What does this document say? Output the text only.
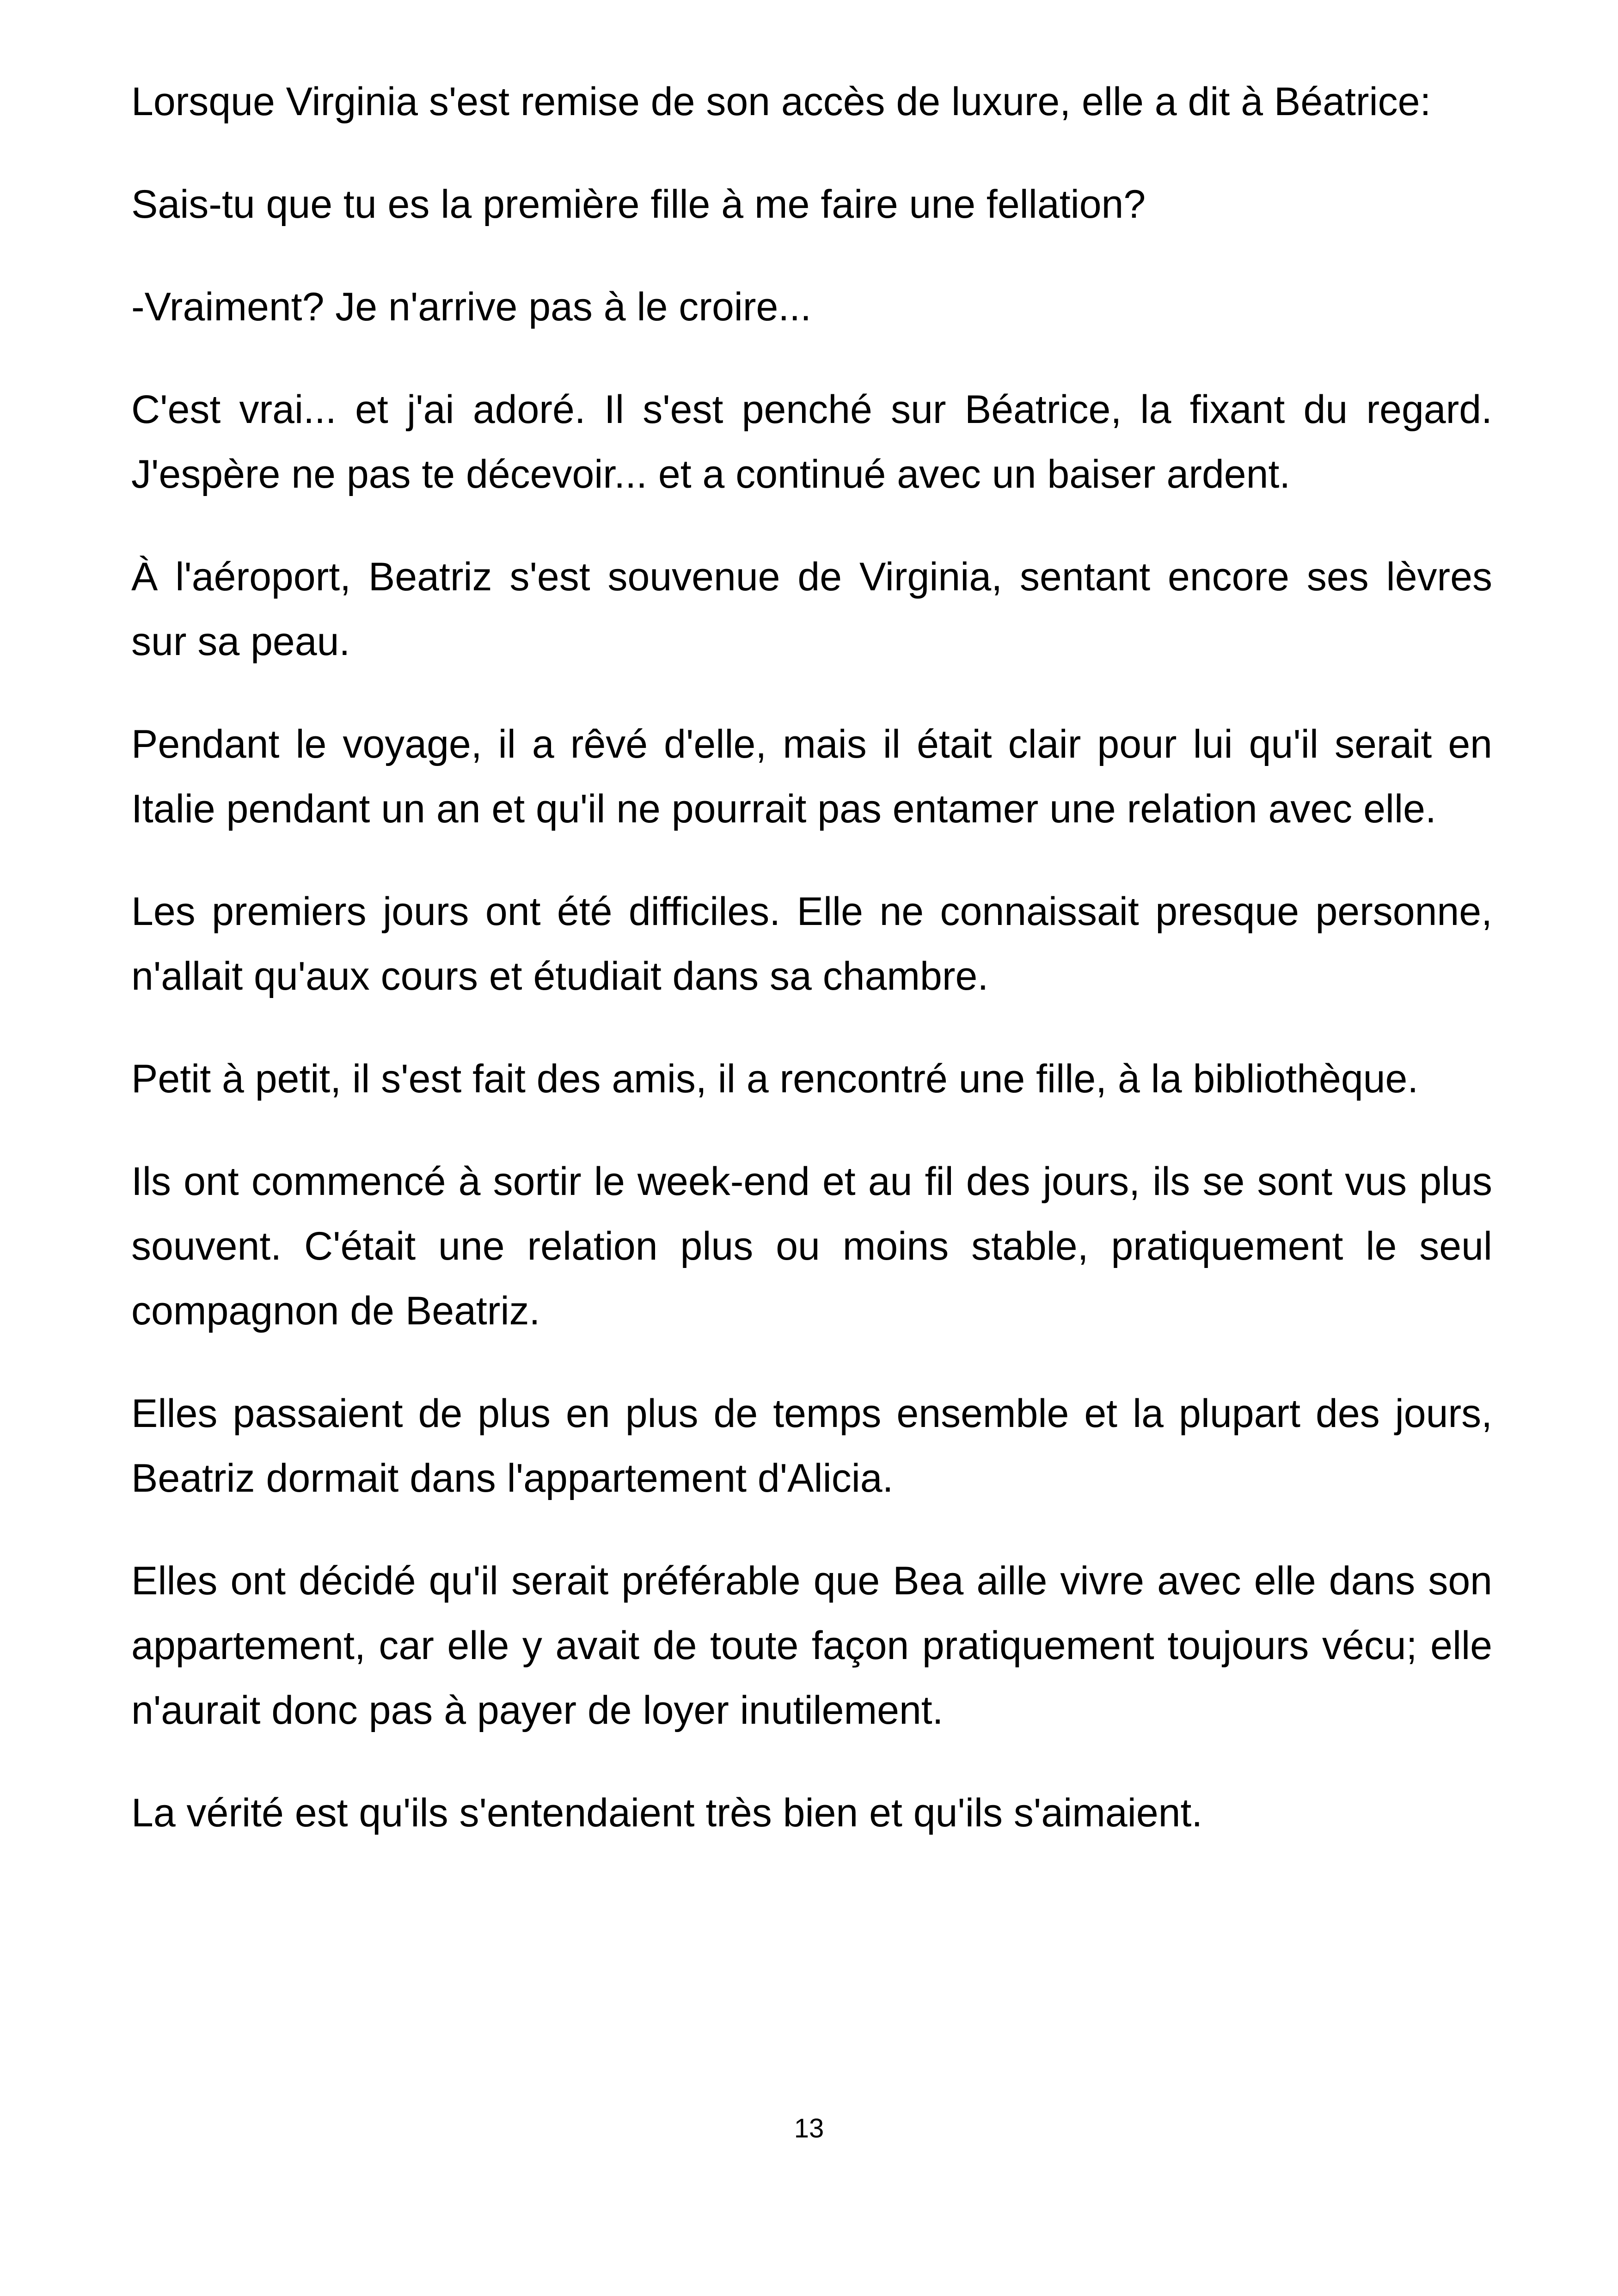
Lorsque Virginia s'est remise de son accès de luxure, elle a dit à Béatrice:

Sais-tu que tu es la première fille à me faire une fellation?

-Vraiment? Je n'arrive pas à le croire...

C'est vrai... et j'ai adoré. Il s'est penché sur Béatrice, la fixant du regard. J'espère ne pas te décevoir... et a continué avec un baiser ardent.

À l'aéroport, Beatriz s'est souvenue de Virginia, sentant encore ses lèvres sur sa peau.

Pendant le voyage, il a rêvé d'elle, mais il était clair pour lui qu'il serait en Italie pendant un an et qu'il ne pourrait pas entamer une relation avec elle.

Les premiers jours ont été difficiles. Elle ne connaissait presque personne, n'allait qu'aux cours et étudiait dans sa chambre.

Petit à petit, il s'est fait des amis, il a rencontré une fille, à la bibliothèque.

Ils ont commencé à sortir le week-end et au fil des jours, ils se sont vus plus souvent. C'était une relation plus ou moins stable, pratiquement le seul compagnon de Beatriz.

Elles passaient de plus en plus de temps ensemble et la plupart des jours, Beatriz dormait dans l'appartement d'Alicia.

Elles ont décidé qu'il serait préférable que Bea aille vivre avec elle dans son appartement, car elle y avait de toute façon pratiquement toujours vécu; elle n'aurait donc pas à payer de loyer inutilement.

La vérité est qu'ils s'entendaient très bien et qu'ils s'aimaient.

13
